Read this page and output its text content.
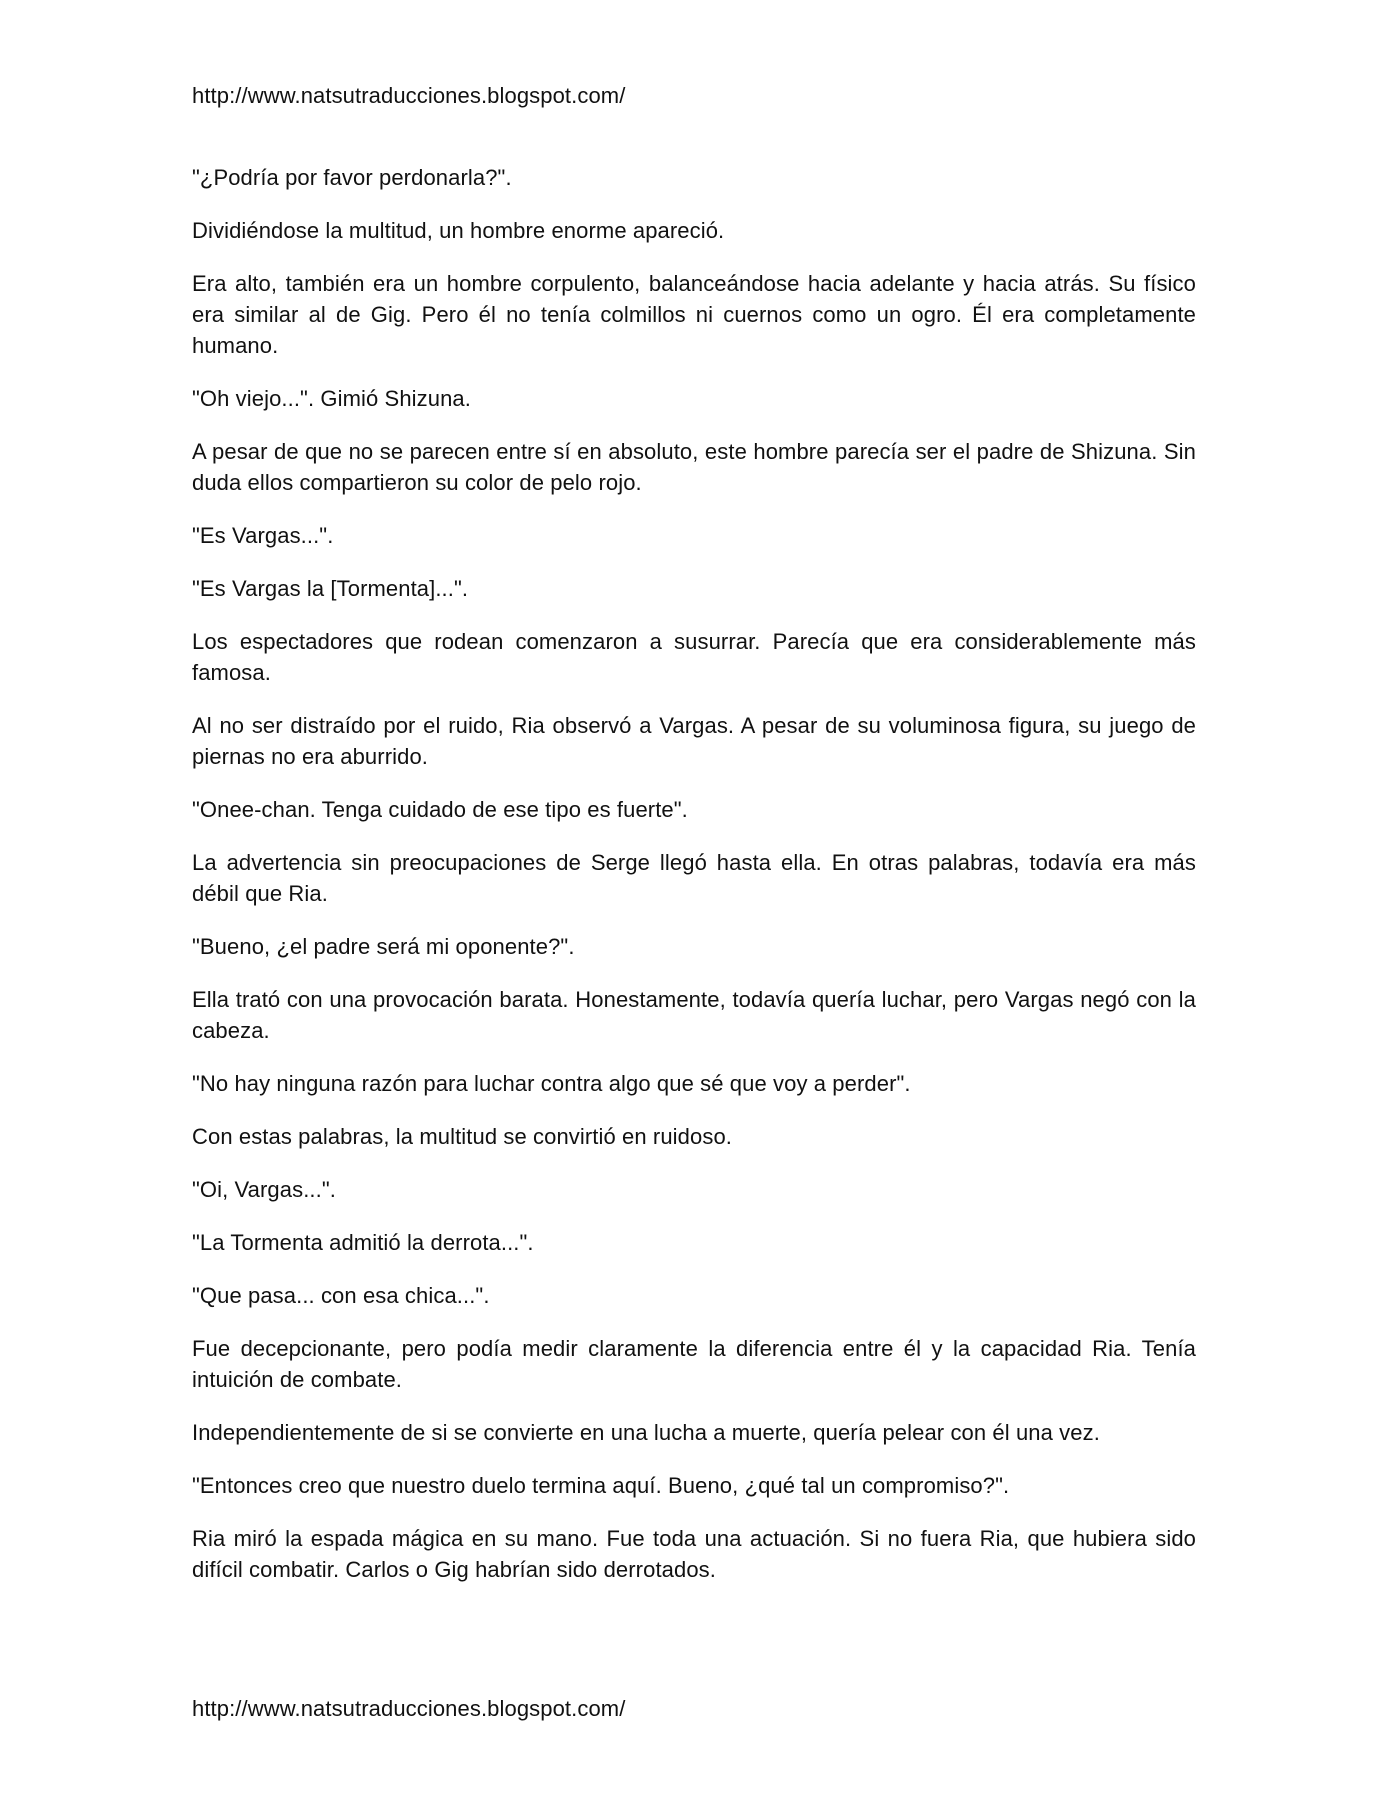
http://www.natsutraducciones.blogspot.com/

"¿Podría por favor perdonarla?".

Dividiéndose la multitud, un hombre enorme apareció.

Era alto, también era un hombre corpulento, balanceándose hacia adelante y hacia atrás. Su físico era similar al de Gig. Pero él no tenía colmillos ni cuernos como un ogro. Él era completamente humano.

"Oh viejo...". Gimió Shizuna.

A pesar de que no se parecen entre sí en absoluto, este hombre parecía ser el padre de Shizuna. Sin duda ellos compartieron su color de pelo rojo.

"Es Vargas...".

"Es Vargas la [Tormenta]...".

Los espectadores que rodean comenzaron a susurrar. Parecía que era considerablemente más famosa.

Al no ser distraído por el ruido, Ria observó a Vargas. A pesar de su voluminosa figura, su juego de piernas no era aburrido.

"Onee-chan. Tenga cuidado de ese tipo es fuerte".

La advertencia sin preocupaciones de Serge llegó hasta ella. En otras palabras, todavía era más débil que Ria.

"Bueno, ¿el padre será mi oponente?".

Ella trató con una provocación barata. Honestamente, todavía quería luchar, pero Vargas negó con la cabeza.

"No hay ninguna razón para luchar contra algo que sé que voy a perder".

Con estas palabras, la multitud se convirtió en ruidoso.

"Oi, Vargas...".

"La Tormenta admitió la derrota...".

"Que pasa... con esa chica...".

Fue decepcionante, pero podía medir claramente la diferencia entre él y la capacidad Ria. Tenía intuición de combate.

Independientemente de si se convierte en una lucha a muerte, quería pelear con él una vez.

"Entonces creo que nuestro duelo termina aquí. Bueno, ¿qué tal un compromiso?".

Ria miró la espada mágica en su mano. Fue toda una actuación. Si no fuera Ria, que hubiera sido difícil combatir. Carlos o Gig habrían sido derrotados.

http://www.natsutraducciones.blogspot.com/
